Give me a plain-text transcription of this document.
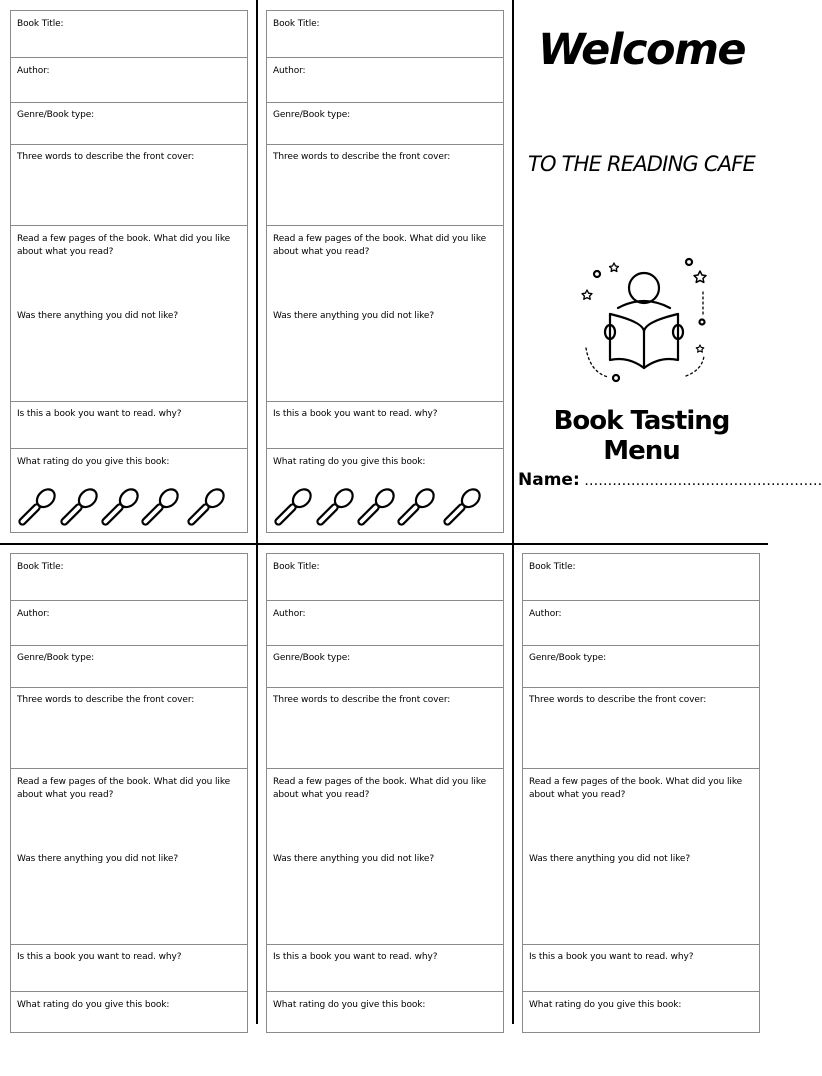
Book Title:
Author:
Genre/Book type:
Three words to describe the front cover:
Read a few pages of the book. What did you like about what you read?
Was there anything you did not like?
Is this a book you want to read. why?
What rating do you give this book:
Book Title:
Author:
Genre/Book type:
Three words to describe the front cover:
Read a few pages of the book. What did you like about what you read?
Was there anything you did not like?
Is this a book you want to read. why?
What rating do you give this book:
Book Title:
Author:
Genre/Book type:
Three words to describe the front cover:
Read a few pages of the book. What did you like about what you read?
Was there anything you did not like?
Is this a book you want to read. why?
What rating do you give this book:
Book Title:
Author:
Genre/Book type:
Three words to describe the front cover:
Read a few pages of the book. What did you like about what you read?
Was there anything you did not like?
Is this a book you want to read. why?
What rating do you give this book:
Book Title:
Author:
Genre/Book type:
Three words to describe the front cover:
Read a few pages of the book. What did you like about what you read?
Was there anything you did not like?
Is this a book you want to read. why?
What rating do you give this book:
Welcome
TO THE READING CAFE
Book Tasting Menu
Name: ……………………………………………
